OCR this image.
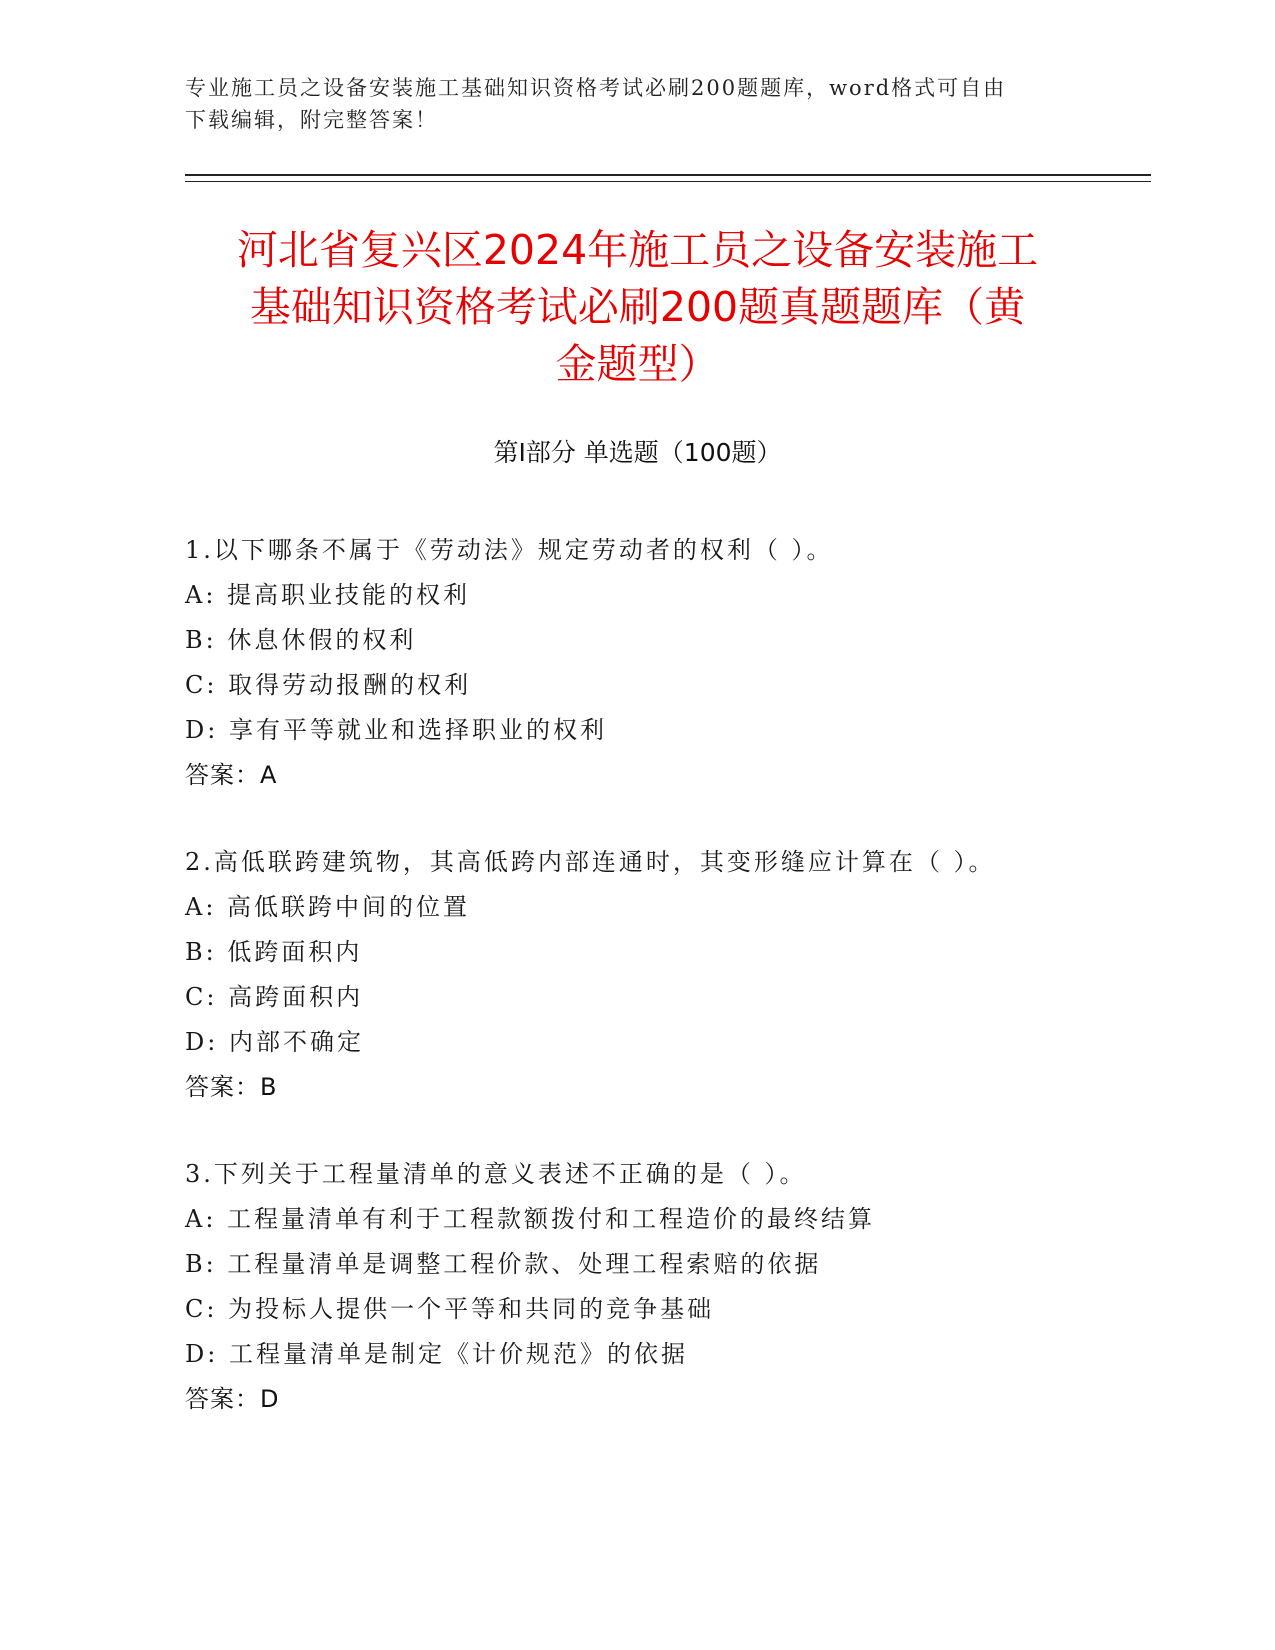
专业施工员之设备安装施工基础知识资格考试必刷200题题库，word格式可自由
下载编辑，附完整答案！
河北省复兴区2024年施工员之设备安装施工
基础知识资格考试必刷200题真题题库（黄
金题型）
第Ⅰ部分 单选题（100题）
1.以下哪条不属于《劳动法》规定劳动者的权利（ ）。
A: 提高职业技能的权利
B: 休息休假的权利
C: 取得劳动报酬的权利
D: 享有平等就业和选择职业的权利
答案：A
2.高低联跨建筑物，其高低跨内部连通时，其变形缝应计算在（ ）。
A: 高低联跨中间的位置
B: 低跨面积内
C: 高跨面积内
D: 内部不确定
答案：B
3.下列关于工程量清单的意义表述不正确的是（ ）。
A: 工程量清单有利于工程款额拨付和工程造价的最终结算
B: 工程量清单是调整工程价款、处理工程索赔的依据
C: 为投标人提供一个平等和共同的竞争基础
D: 工程量清单是制定《计价规范》的依据
答案：D
